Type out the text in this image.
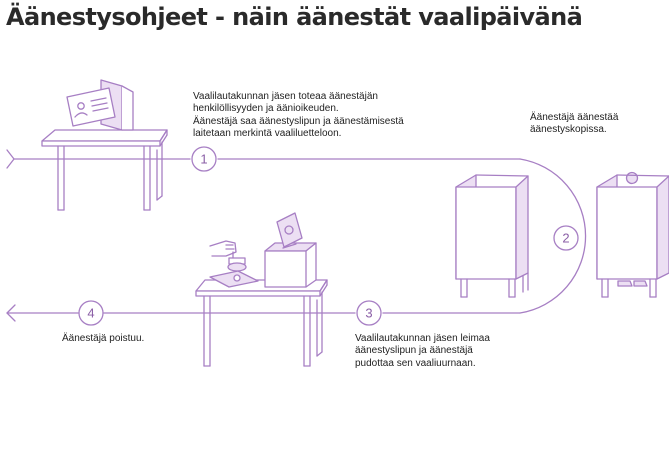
Äänestysohjeet - näin äänestät vaalipäivänä
Vaalilautakunnan jäsen toteaa äänestäjän
henkilöllisyyden ja äänioikeuden.
Äänestäjä saa äänestyslipun ja äänestämisestä
laitetaan merkintä vaaliluetteloon.
Äänestäjä äänestää
äänestyskopissa.
Vaalilautakunnan jäsen leimaa
äänestyslipun ja äänestäjä
pudottaa sen vaaliuurnaan.
Äänestäjä poistuu.
1
2
3
4
